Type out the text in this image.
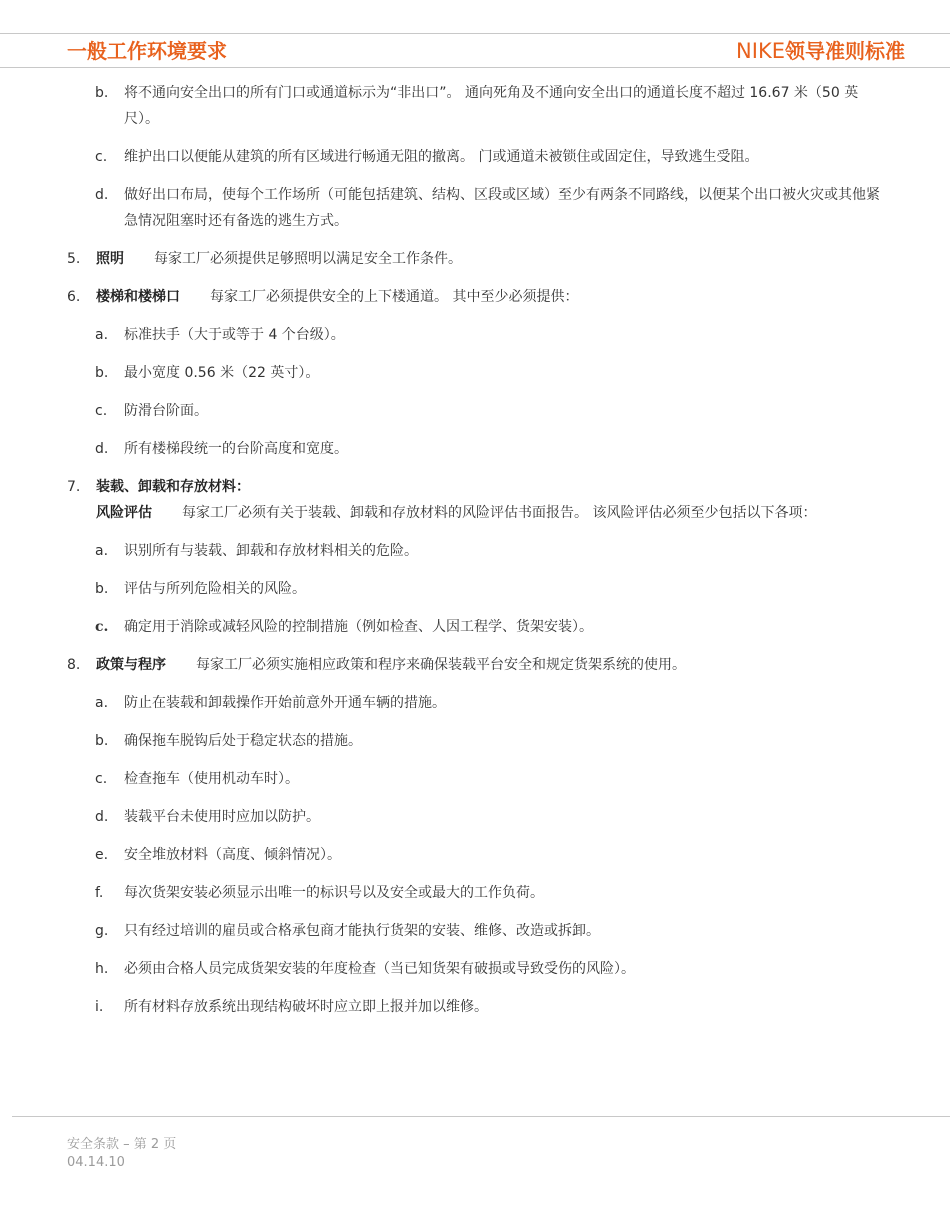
一般工作环境要求	NIKE领导准则标准
b.	将不通向安全出口的所有门口或通道标示为“非出口”。 通向死角及不通向安全出口的通道长度不超过 16.67 米（50 英尺）。
c.	维护出口以便能从建筑的所有区域进行畅通无阻的撤离。 门或通道未被锁住或固定住，导致逃生受阻。
d.	做好出口布局，使每个工作场所（可能包括建筑、结构、区段或区域）至少有两条不同路线，以便某个出口被火灾或其他紧急情况阻塞时还有备选的逃生方式。
5.	照明 每家工厂必须提供足够照明以满足安全工作条件。
6.	楼梯和楼梯口 每家工厂必须提供安全的上下楼通道。 其中至少必须提供：
a.	标准扶手（大于或等于 4 个台级）。
b.	最小宽度 0.56 米（22 英寸）。
c.	防滑台阶面。
d.	所有楼梯段统一的台阶高度和宽度。
7.	装载、卸载和存放材料：
风险评估 每家工厂必须有关于装载、卸载和存放材料的风险评估书面报告。 该风险评估必须至少包括以下各项：
a.	识别所有与装载、卸载和存放材料相关的危险。
b.	评估与所列危险相关的风险。
c.	确定用于消除或减轻风险的控制措施（例如检查、人因工程学、货架安装）。
8.	政策与程序 每家工厂必须实施相应政策和程序来确保装载平台安全和规定货架系统的使用。
a.	防止在装载和卸载操作开始前意外开通车辆的措施。
b.	确保拖车脱钩后处于稳定状态的措施。
c.	检查拖车（使用机动车时）。
d.	装载平台未使用时应加以防护。
e.	安全堆放材料（高度、倾斜情况）。
f.	每次货架安装必须显示出唯一的标识号以及安全或最大的工作负荷。
g.	只有经过培训的雇员或合格承包商才能执行货架的安装、维修、改造或拆卸。
h.	必须由合格人员完成货架安装的年度检查（当已知货架有破损或导致受伤的风险）。
i.	所有材料存放系统出现结构破坏时应立即上报并加以维修。
安全条款 – 第 2 页
04.14.10
